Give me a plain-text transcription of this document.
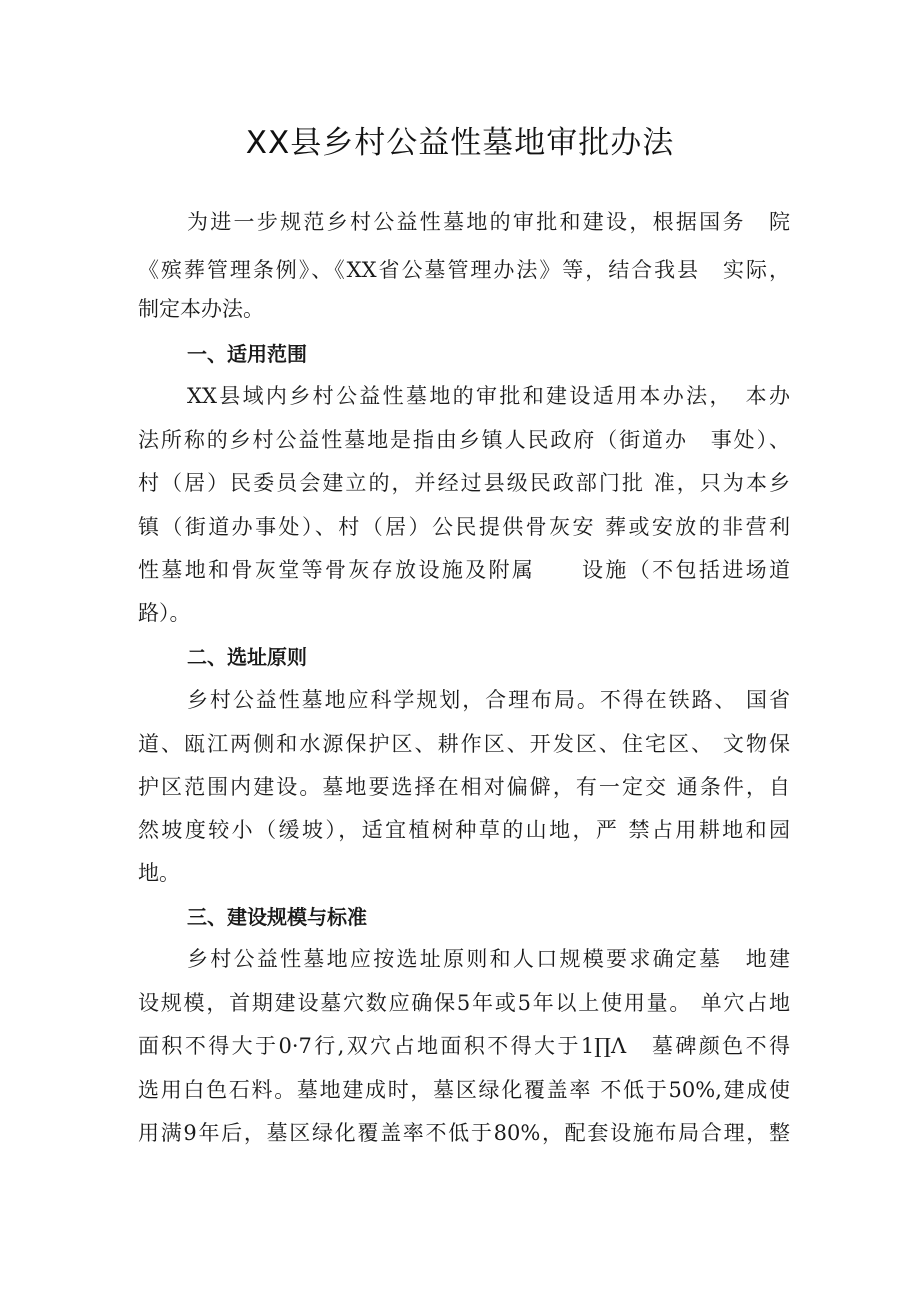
XX县乡村公益性墓地审批办法
为进一步规范乡村公益性墓地的审批和建设，根据国务　院
《殡葬管理条例》、《XX省公墓管理办法》等，结合我县　实际，
制定本办法。
一、适用范围
XX县域内乡村公益性墓地的审批和建设适用本办法，　本办
法所称的乡村公益性墓地是指由乡镇人民政府（街道办　事处）、
村（居）民委员会建立的，并经过县级民政部门批 准，只为本乡
镇（街道办事处）、村（居）公民提供骨灰安 葬或安放的非营利
性墓地和骨灰堂等骨灰存放设施及附属　　设施（不包括进场道
路）。
二、选址原则
乡村公益性墓地应科学规划，合理布局。不得在铁路、 国省
道、瓯江两侧和水源保护区、耕作区、开发区、住宅区、 文物保
护区范围内建设。墓地要选择在相对偏僻，有一定交 通条件，自
然坡度较小（缓坡），适宜植树种草的山地，严 禁占用耕地和园
地。
三、建设规模与标准
乡村公益性墓地应按选址原则和人口规模要求确定墓　地建
设规模，首期建设墓穴数应确保5年或5年以上使用量。 单穴占地
面积不得大于0·7行,双穴占地面积不得大于1∏Λ　墓碑颜色不得
选用白色石料。墓地建成时，墓区绿化覆盖率 不低于50%,建成使
用满9年后，墓区绿化覆盖率不低于80%，配套设施布局合理，整
